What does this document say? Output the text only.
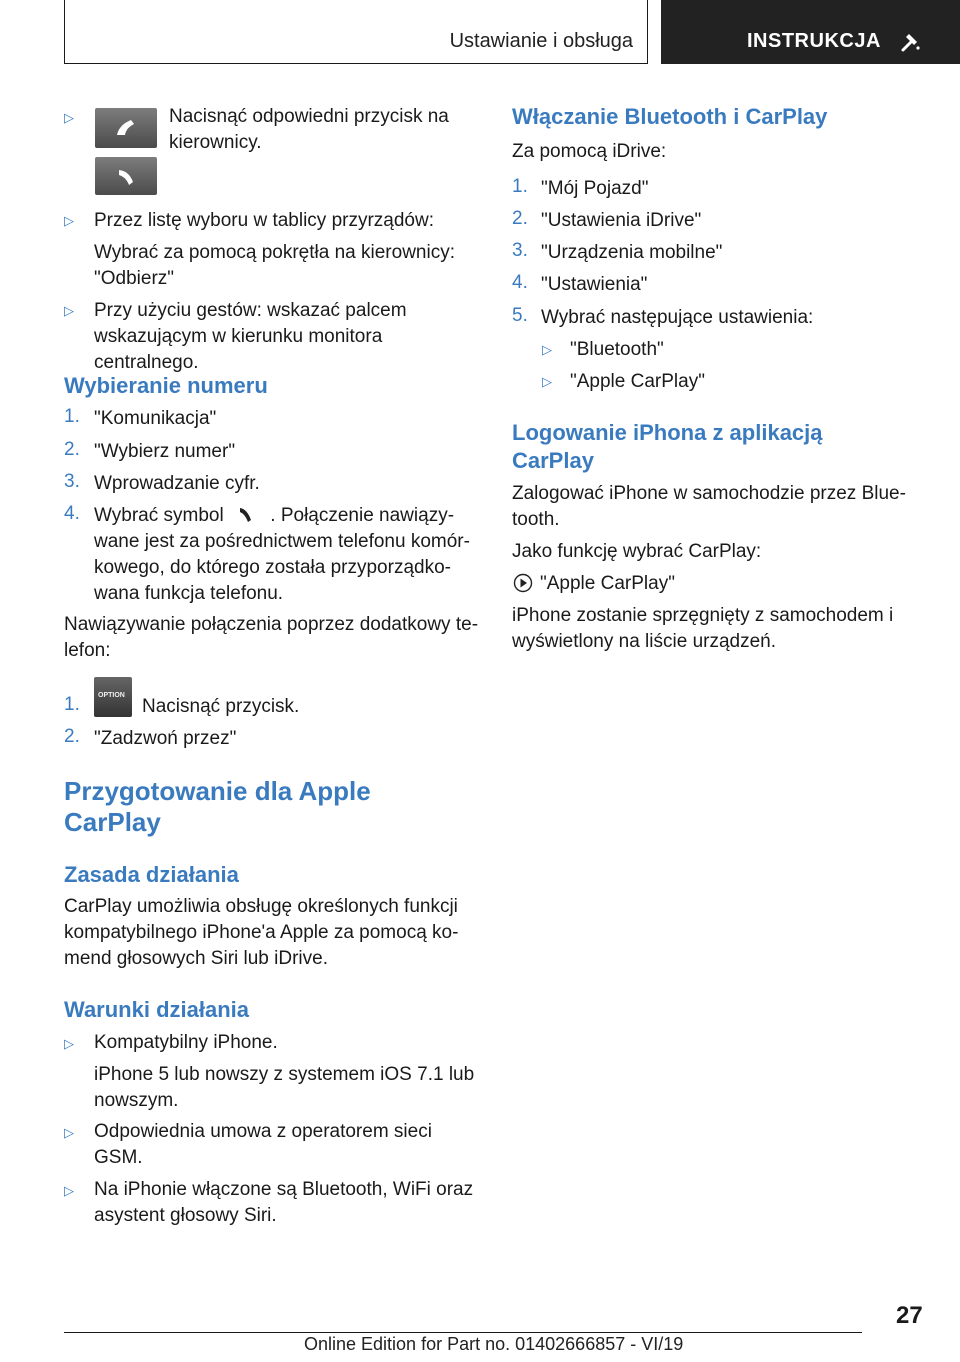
Ustawianie i obsługa	INSTRUKCJA
▷	Nacisnąć odpowiedni przycisk na kierownicy.
▷ Przez listę wyboru w tablicy przyrządów:
Wybrać za pomocą pokrętła na kierownicy: "Odbierz"
▷ Przy użyciu gestów: wskazać palcem wskazującym w kierunku monitora centralnego.
Wybieranie numeru
1. "Komunikacja"
2. "Wybierz numer"
3. Wprowadzanie cyfr.
4. Wybrać symbol . Połączenie nawiązywane jest za pośrednictwem telefonu komórkowego, do którego została przyporządkowana funkcja telefonu.
Nawiązywanie połączenia poprzez dodatkowy telefon:
1.	OPTION
Nacisnąć przycisk.
2. "Zadzwoń przez"
Przygotowanie dla Apple CarPlay
Zasada działania
CarPlay umożliwia obsługę określonych funkcji kompatybilnego iPhone'a Apple za pomocą komend głosowych Siri lub iDrive.
Warunki działania
▷ Kompatybilny iPhone.
iPhone 5 lub nowszy z systemem iOS 7.1 lub nowszym.
▷ Odpowiednia umowa z operatorem sieci GSM.
▷ Na iPhonie włączone są Bluetooth, WiFi oraz asystent głosowy Siri.
Włączanie Bluetooth i CarPlay
Za pomocą iDrive:
1. "Mój Pojazd"
2. "Ustawienia iDrive"
3. "Urządzenia mobilne"
4. "Ustawienia"
5. Wybrać następujące ustawienia:
▷ "Bluetooth"
▷ "Apple CarPlay"
Logowanie iPhona z aplikacją CarPlay
Zalogować iPhone w samochodzie przez Bluetooth.
Jako funkcję wybrać CarPlay:
"Apple CarPlay"
iPhone zostanie sprzęgnięty z samochodem i wyświetlony na liście urządzeń.
27
Online Edition for Part no. 01402666857 - VI/19
